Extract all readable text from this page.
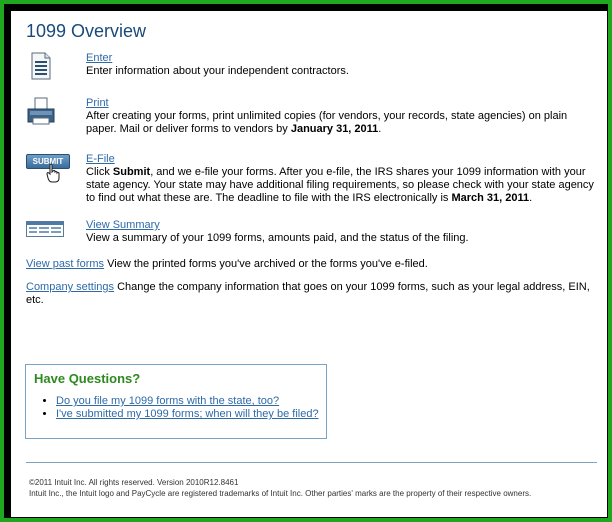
1099 Overview
Enter
Enter information about your independent contractors.
Print
After creating your forms, print unlimited copies (for vendors, your records, state agencies) on plain paper. Mail or deliver forms to vendors by January 31, 2011.
SUBMIT	E-File
Click Submit, and we e-file your forms. After you e-file, the IRS shares your 1099 information with your state agency. Your state may have additional filing requirements, so please check with your state agency to find out what these are. The deadline to file with the IRS electronically is March 31, 2011.
View Summary
View a summary of your 1099 forms, amounts paid, and the status of the filing.
View past forms View the printed forms you've archived or the forms you've e-filed.
Company settings Change the company information that goes on your 1099 forms, such as your legal address, EIN, etc.
Have Questions?
• Do you file my 1099 forms with the state, too?
• I've submitted my 1099 forms; when will they be filed?
©2011 Intuit Inc. All rights reserved. Version 2010R12.8461
Intuit Inc., the Intuit logo and PayCycle are registered trademarks of Intuit Inc. Other parties' marks are the property of their respective owners.
